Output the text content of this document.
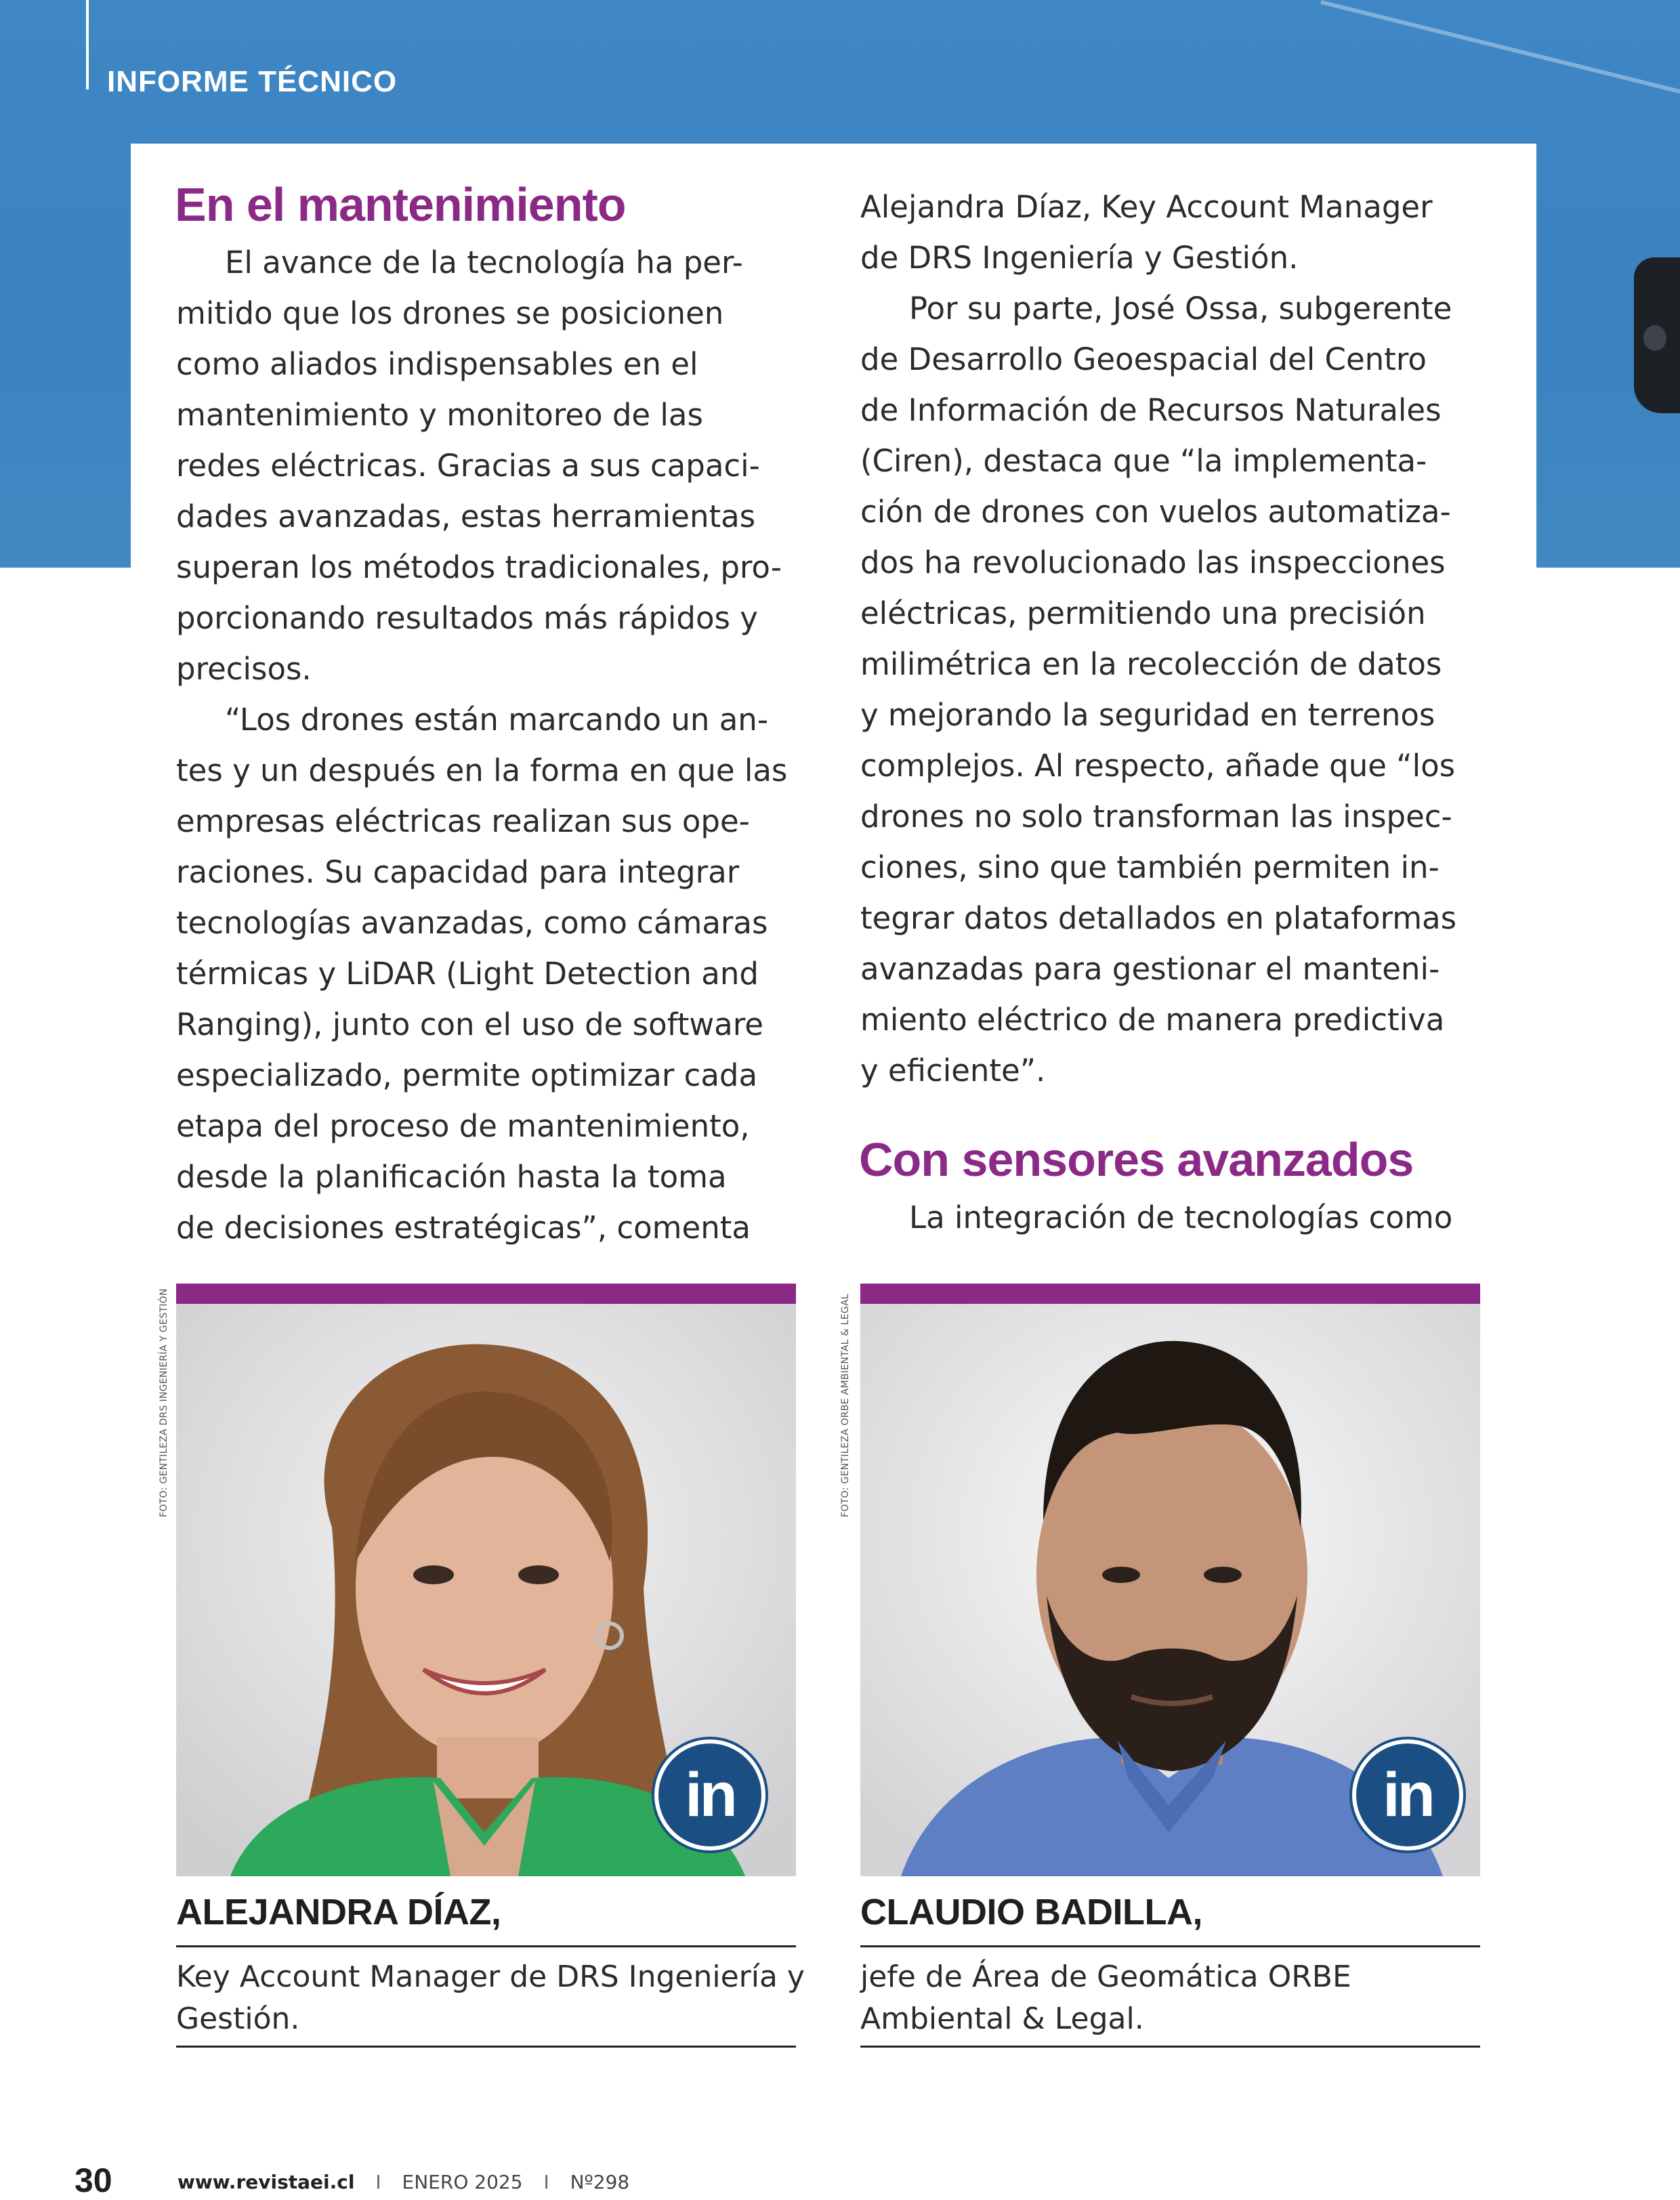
INFORME TÉCNICO
En el mantenimiento
El avance de la tecnología ha per-
mitido que los drones se posicionen
como aliados indispensables en el
mantenimiento y monitoreo de las
redes eléctricas. Gracias a sus capaci-
dades avanzadas, estas herramientas
superan los métodos tradicionales, pro-
porcionando resultados más rápidos y
precisos.
“Los drones están marcando un an-
tes y un después en la forma en que las
empresas eléctricas realizan sus ope-
raciones. Su capacidad para integrar
tecnologías avanzadas, como cámaras
térmicas y LiDAR (Light Detection and
Ranging), junto con el uso de software
especializado, permite optimizar cada
etapa del proceso de mantenimiento,
desde la planificación hasta la toma
de decisiones estratégicas”, comenta
Alejandra Díaz, Key Account Manager
de DRS Ingeniería y Gestión.
Por su parte, José Ossa, subgerente
de Desarrollo Geoespacial del Centro
de Información de Recursos Naturales
(Ciren), destaca que “la implementa-
ción de drones con vuelos automatiza-
dos ha revolucionado las inspecciones
eléctricas, permitiendo una precisión
milimétrica en la recolección de datos
y mejorando la seguridad en terrenos
complejos. Al respecto, añade que “los
drones no solo transforman las inspec-
ciones, sino que también permiten in-
tegrar datos detallados en plataformas
avanzadas para gestionar el manteni-
miento eléctrico de manera predictiva
y eficiente”.
Con sensores avanzados
La integración de tecnologías como
FOTO: GENTILEZA DRS INGENIERÍA Y GESTIÓN
in
ALEJANDRA DÍAZ,
Key Account Manager de DRS Ingeniería y
Gestión.
FOTO: GENTILEZA ORBE AMBIENTAL & LEGAL
in
CLAUDIO BADILLA,
jefe de Área de Geomática ORBE
Ambiental & Legal.
30	www.revistaei.cl I ENERO 2025 I Nº298
